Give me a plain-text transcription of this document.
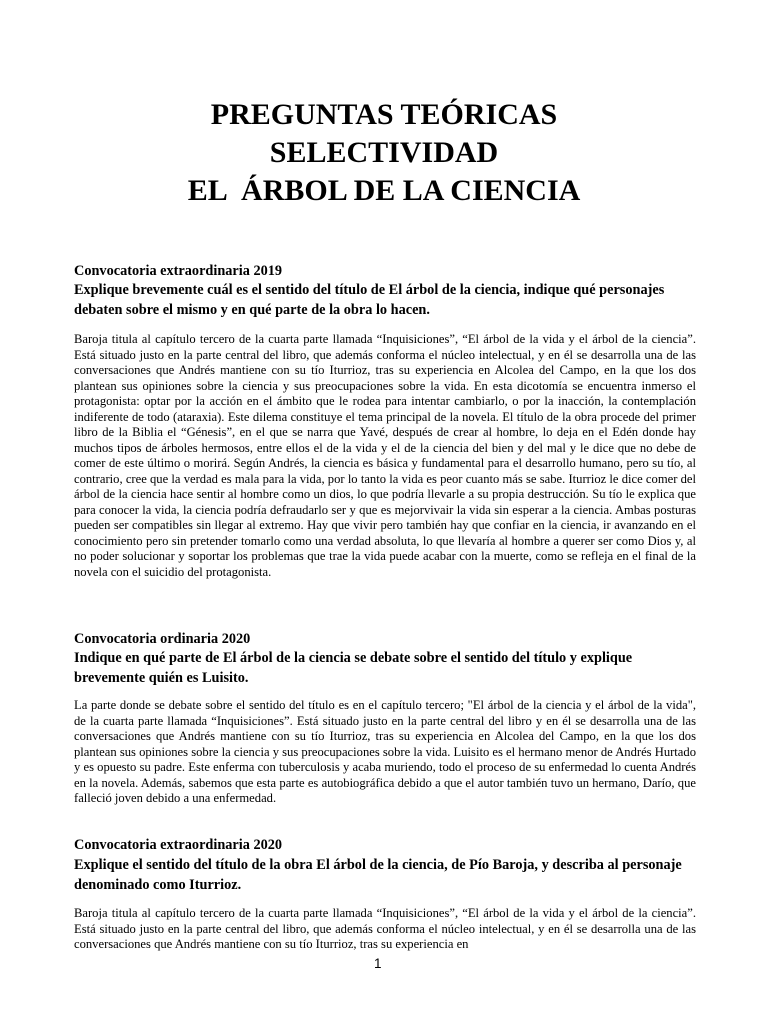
PREGUNTAS TEÓRICAS
SELECTIVIDAD
EL  ÁRBOL DE LA CIENCIA
Convocatoria extraordinaria 2019
Explique brevemente cuál es el sentido del título de El árbol de la ciencia, indique qué personajes debaten sobre el mismo y en qué parte de la obra lo hacen.
Baroja titula al capítulo tercero de la cuarta parte llamada “Inquisiciones”, “El árbol de la vida y el árbol de la ciencia”. Está situado justo en la parte central del libro, que además conforma el núcleo intelectual, y en él se desarrolla una de las conversaciones que Andrés mantiene con su tío Iturrioz, tras su experiencia en Alcolea del Campo, en la que los dos plantean sus opiniones sobre la ciencia y sus preocupaciones sobre la vida. En esta dicotomía se encuentra inmerso el protagonista: optar por la acción en el ámbito que le rodea para intentar cambiarlo, o por la inacción, la contemplación indiferente de todo (ataraxia). Este dilema constituye el tema principal de la novela. El título de la obra procede del primer libro de la Biblia el “Génesis”, en el que se narra que Yavé, después de crear al hombre, lo deja en el Edén donde hay muchos tipos de árboles hermosos, entre ellos el de la vida y el de la ciencia del bien y del mal y le dice que no debe de comer de este último o morirá. Según Andrés, la ciencia es básica y fundamental para el desarrollo humano, pero su tío, al contrario, cree que la verdad es mala para la vida, por lo tanto la vida es peor cuanto más se sabe. Iturrioz le dice comer del árbol de la ciencia hace sentir al hombre como un dios, lo que podría llevarle a su propia destrucción. Su tío le explica que para conocer la vida, la ciencia podría defraudarlo ser y que es mejorvivair la vida sin esperar a la ciencia. Ambas posturas pueden ser compatibles sin llegar al extremo. Hay que vivir pero también hay que confiar en la ciencia, ir avanzando en el conocimiento pero sin pretender tomarlo como una verdad absoluta, lo que llevaría al hombre a querer ser como Dios y, al no poder solucionar y soportar los problemas que trae la vida puede acabar con la muerte, como se refleja en el final de la novela con el suicidio del protagonista.
Convocatoria ordinaria 2020
Indique en qué parte de El árbol de la ciencia se debate sobre el sentido del título y explique brevemente quién es Luisito.
La parte donde se debate sobre el sentido del título es en el capítulo tercero; "El árbol de la ciencia y el árbol de la vida", de la cuarta parte llamada “Inquisiciones”. Está situado justo en la parte central del libro y en él se desarrolla una de las conversaciones que Andrés mantiene con su tío Iturrioz, tras su experiencia en Alcolea del Campo, en la que los dos plantean sus opiniones sobre la ciencia y sus preocupaciones sobre la vida. Luisito es el hermano menor de Andrés Hurtado y es opuesto su padre. Este enferma con tuberculosis y acaba muriendo, todo el proceso de su enfermedad lo cuenta Andrés en la novela. Además, sabemos que esta parte es autobiográfica debido a que el autor también tuvo un hermano, Darío, que falleció joven debido a una enfermedad.
Convocatoria extraordinaria 2020
Explique el sentido del título de la obra El árbol de la ciencia, de Pío Baroja, y describa al personaje denominado como Iturrioz.
Baroja titula al capítulo tercero de la cuarta parte llamada “Inquisiciones”, “El árbol de la vida y el árbol de la ciencia”. Está situado justo en la parte central del libro, que además conforma el núcleo intelectual, y en él se desarrolla una de las conversaciones que Andrés mantiene con su tío Iturrioz, tras su experiencia en
1
